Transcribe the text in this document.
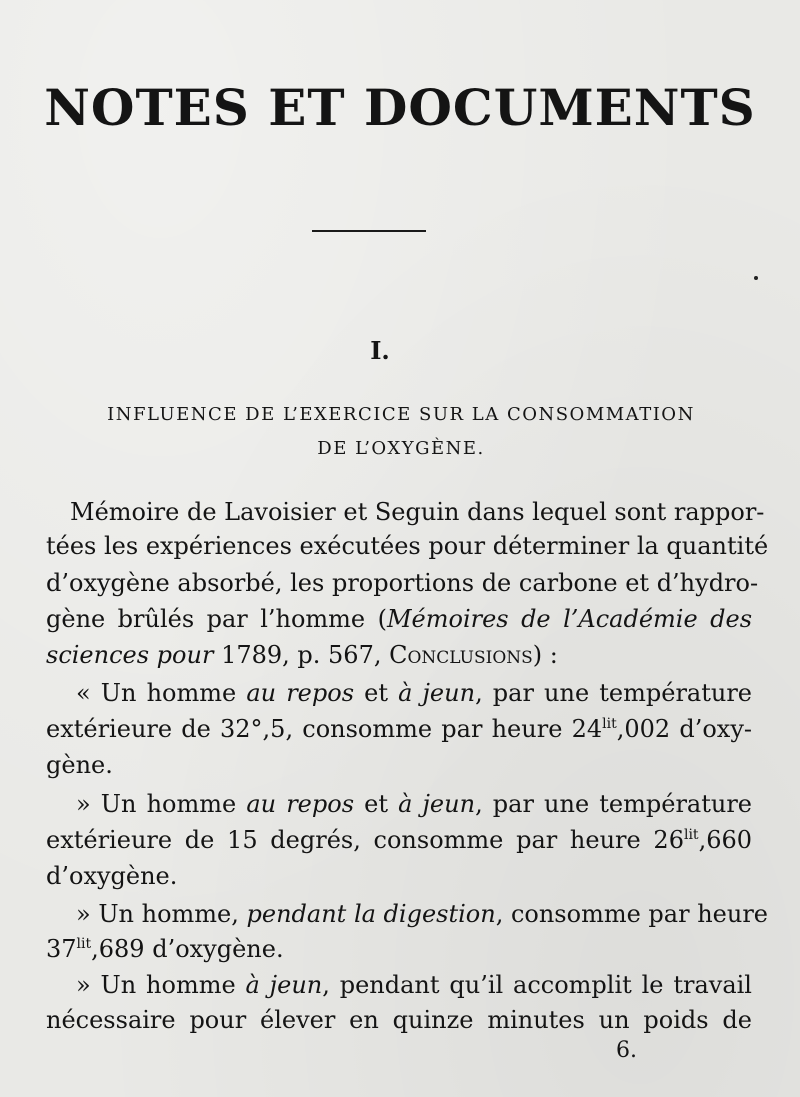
NOTES ET DOCUMENTS
I.
INFLUENCE DE L’EXERCICE SUR LA CONSOMMATION
DE L’OXYGÈNE.
Mémoire de Lavoisier et Seguin dans lequel sont rappor-
tées les expériences exécutées pour déterminer la quantité
d’oxygène absorbé, les proportions de carbone et d’hydro-
gène brûlés par l’homme (Mémoires de l’Académie des
sciences pour 1789, p. 567, Conclusions) :
« Un homme au repos et à jeun, par une température
extérieure de 32°,5, consomme par heure $24^{lit},002$ d’oxy-
gène.
» Un homme au repos et à jeun, par une température
extérieure de 15 degrés, consomme par heure $26^{lit},660$
d’oxygène.
» Un homme, pendant la digestion, consomme par heure
$37^{lit},689$ d’oxygène.
» Un homme à jeun, pendant qu’il accomplit le travail
nécessaire pour élever en quinze minutes un poids de
6.
